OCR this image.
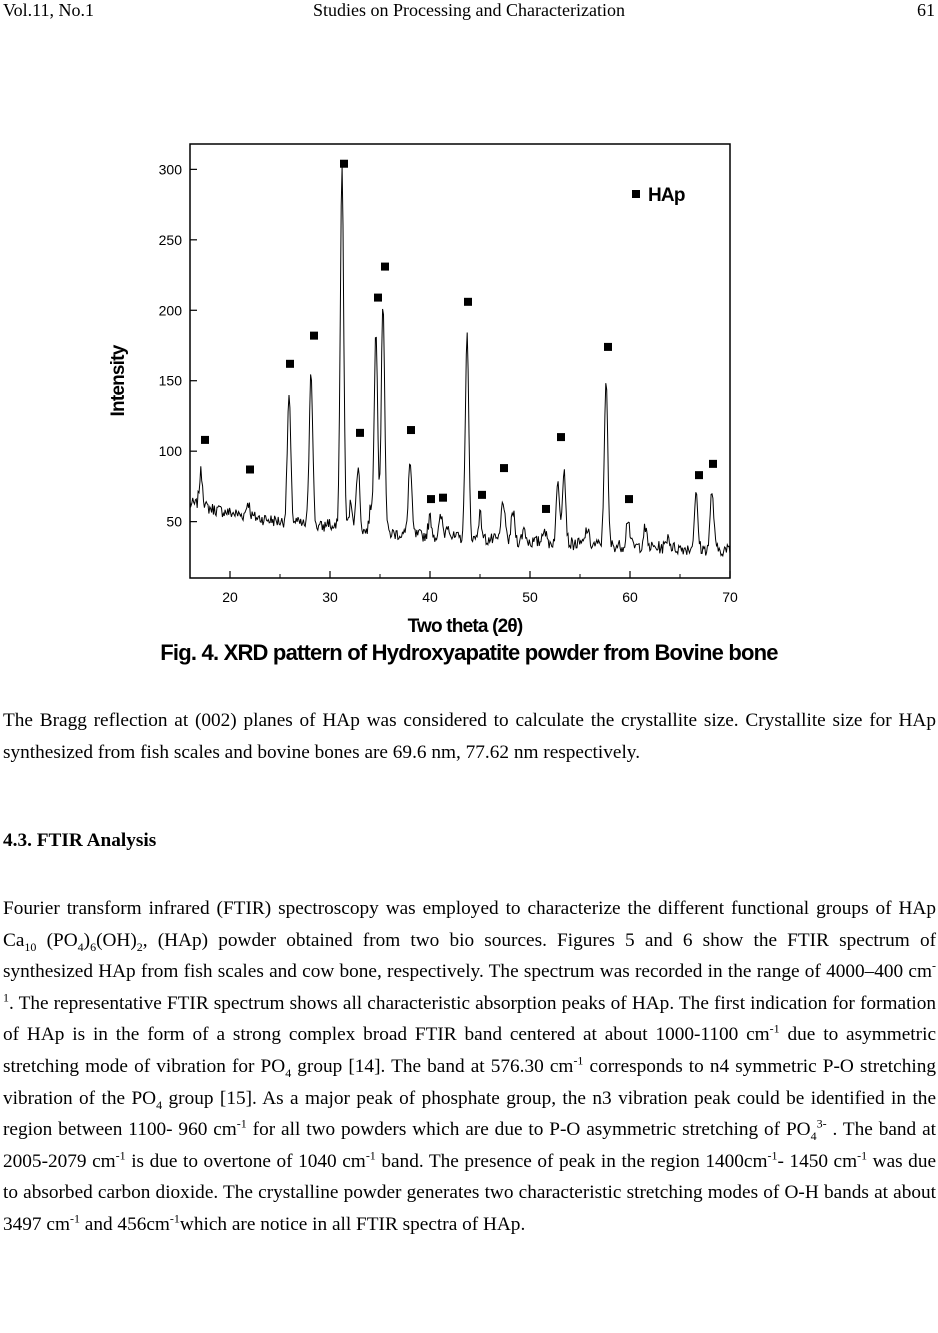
Vol.11, No.1	Studies on Processing and Characterization	61
20	30	40	50	60	70
50
100
150
200
250
300
Two theta (2θ)
Intensity
HAp
Fig. 4. XRD pattern of Hydroxyapatite powder from Bovine bone

The Bragg reflection at (002) planes of HAp was considered to calculate the crystallite size. Crystallite size for HAp synthesized from fish scales and bovine bones are 69.6 nm, 77.62 nm respectively.

4.3. FTIR Analysis

Fourier transform infrared (FTIR) spectroscopy was employed to characterize the different functional groups of HAp $Ca_{10}$ $(PO_4)_6(OH)_2$, (HAp) powder obtained from two bio sources. Figures 5 and 6 show the FTIR spectrum of synthesized HAp from fish scales and cow bone, respectively. The spectrum was recorded in the range of 4000–400 $cm^{-1}$. The representative FTIR spectrum shows all characteristic absorption peaks of HAp. The first indication for formation of HAp is in the form of a strong complex broad FTIR band centered at about 1000-1100 $cm^{-1}$ due to asymmetric stretching mode of vibration for $PO_4$ group [14]. The band at 576.30 $cm^{-1}$ corresponds to n4 symmetric P-O stretching vibration of the $PO_4$ group [15]. As a major peak of phosphate group, the n3 vibration peak could be identified in the region between 1100- 960 $cm^{-1}$ for all two powders which are due to P-O asymmetric stretching of $PO_4^{3-}$ . The band at 2005-2079 $cm^{-1}$ is due to overtone of 1040 $cm^{-1}$ band. The presence of peak in the region $1400cm^{-1}-$ 1450 $cm^{-1}$ was due to absorbed carbon dioxide. The crystalline powder generates two characteristic stretching modes of O-H bands at about 3497 $cm^{-1}$ and $456cm^{-1}which$ are notice in all FTIR spectra of HAp.
